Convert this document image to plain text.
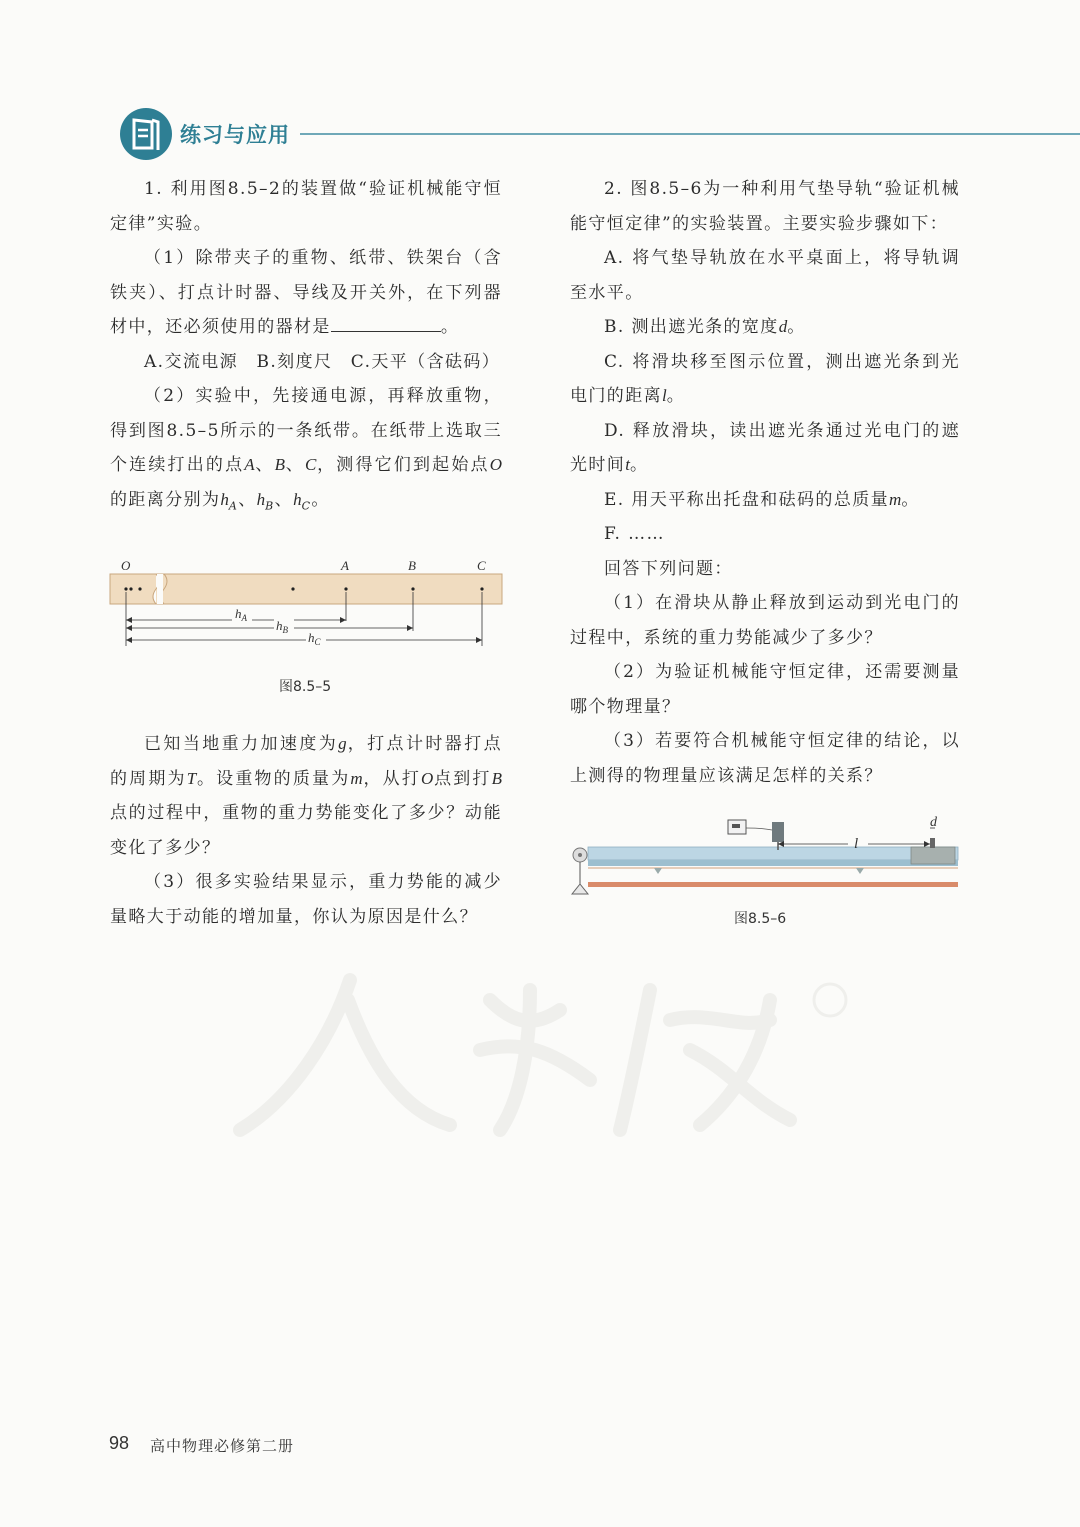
练习与应用

1. 利用图8.5–2的装置做“验证机械能守恒定律”实验。

（1）除带夹子的重物、纸带、铁架台（含铁夹）、打点计时器、导线及开关外，在下列器材中，还必须使用的器材是	。

A.交流电源　B.刻度尺　C.天平（含砝码）

（2）实验中，先接通电源，再释放重物，得到图8.5–5所示的一条纸带。在纸带上选取三个连续打出的点A、B、C，测得它们到起始点O的距离分别为$h_A$、$h_B$、$h_C$。

O	A	B	C
$h_A$ $h_B$ $h_C$
图8.5–5

已知当地重力加速度为g，打点计时器打点的周期为T。设重物的质量为m，从打O点到打B点的过程中，重物的重力势能变化了多少？动能变化了多少？

（3）很多实验结果显示，重力势能的减少量略大于动能的增加量，你认为原因是什么？

2. 图8.5–6为一种利用气垫导轨“验证机械能守恒定律”的实验装置。主要实验步骤如下：

A. 将气垫导轨放在水平桌面上，将导轨调至水平。

B. 测出遮光条的宽度d。

C. 将滑块移至图示位置，测出遮光条到光电门的距离l。

D. 释放滑块，读出遮光条通过光电门的遮光时间t。

E. 用天平称出托盘和砝码的总质量m。

F. ……

回答下列问题：

（1）在滑块从静止释放到运动到光电门的过程中，系统的重力势能减少了多少？

（2）为验证机械能守恒定律，还需要测量哪个物理量？

（3）若要符合机械能守恒定律的结论，以上测得的物理量应该满足怎样的关系？

l
d
图8.5–6
98 高中物理必修第二册
